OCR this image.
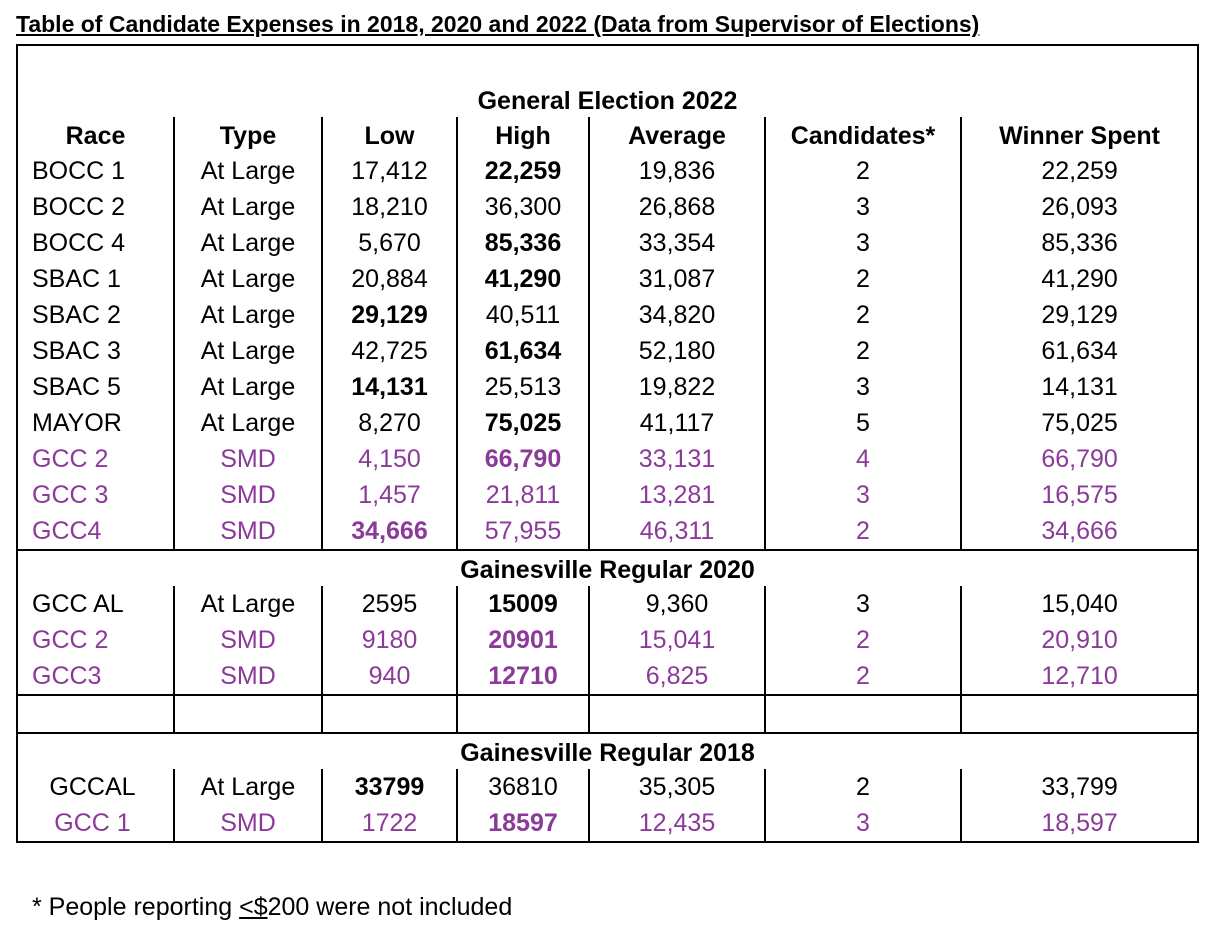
Table of Candidate Expenses in 2018, 2020 and 2022 (Data from Supervisor of Elections)
General Election 2022						
Race	Type	Low	High	Average	Candidates*	Winner Spent
BOCC 1	At Large	17,412	22,259	19,836	2	22,259
BOCC 2	At Large	18,210	36,300	26,868	3	26,093
BOCC 4	At Large	5,670	85,336	33,354	3	85,336
SBAC 1	At Large	20,884	41,290	31,087	2	41,290
SBAC 2	At Large	29,129	40,511	34,820	2	29,129
SBAC 3	At Large	42,725	61,634	52,180	2	61,634
SBAC 5	At Large	14,131	25,513	19,822	3	14,131
MAYOR	At Large	8,270	75,025	41,117	5	75,025
GCC 2	SMD	4,150	66,790	33,131	4	66,790
GCC 3	SMD	1,457	21,811	13,281	3	16,575
GCC4	SMD	34,666	57,955	46,311	2	34,666
Gainesville Regular 2020						
GCC AL	At Large	2595	15009	9,360	3	15,040
GCC 2	SMD	9180	20901	15,041	2	20,910
GCC3	SMD	940	12710	6,825	2	12,710

Gainesville Regular 2018						
GCCAL	At Large	33799	36810	35,305	2	33,799
GCC 1	SMD	1722	18597	12,435	3	18,597
* People reporting <$200 were not included
